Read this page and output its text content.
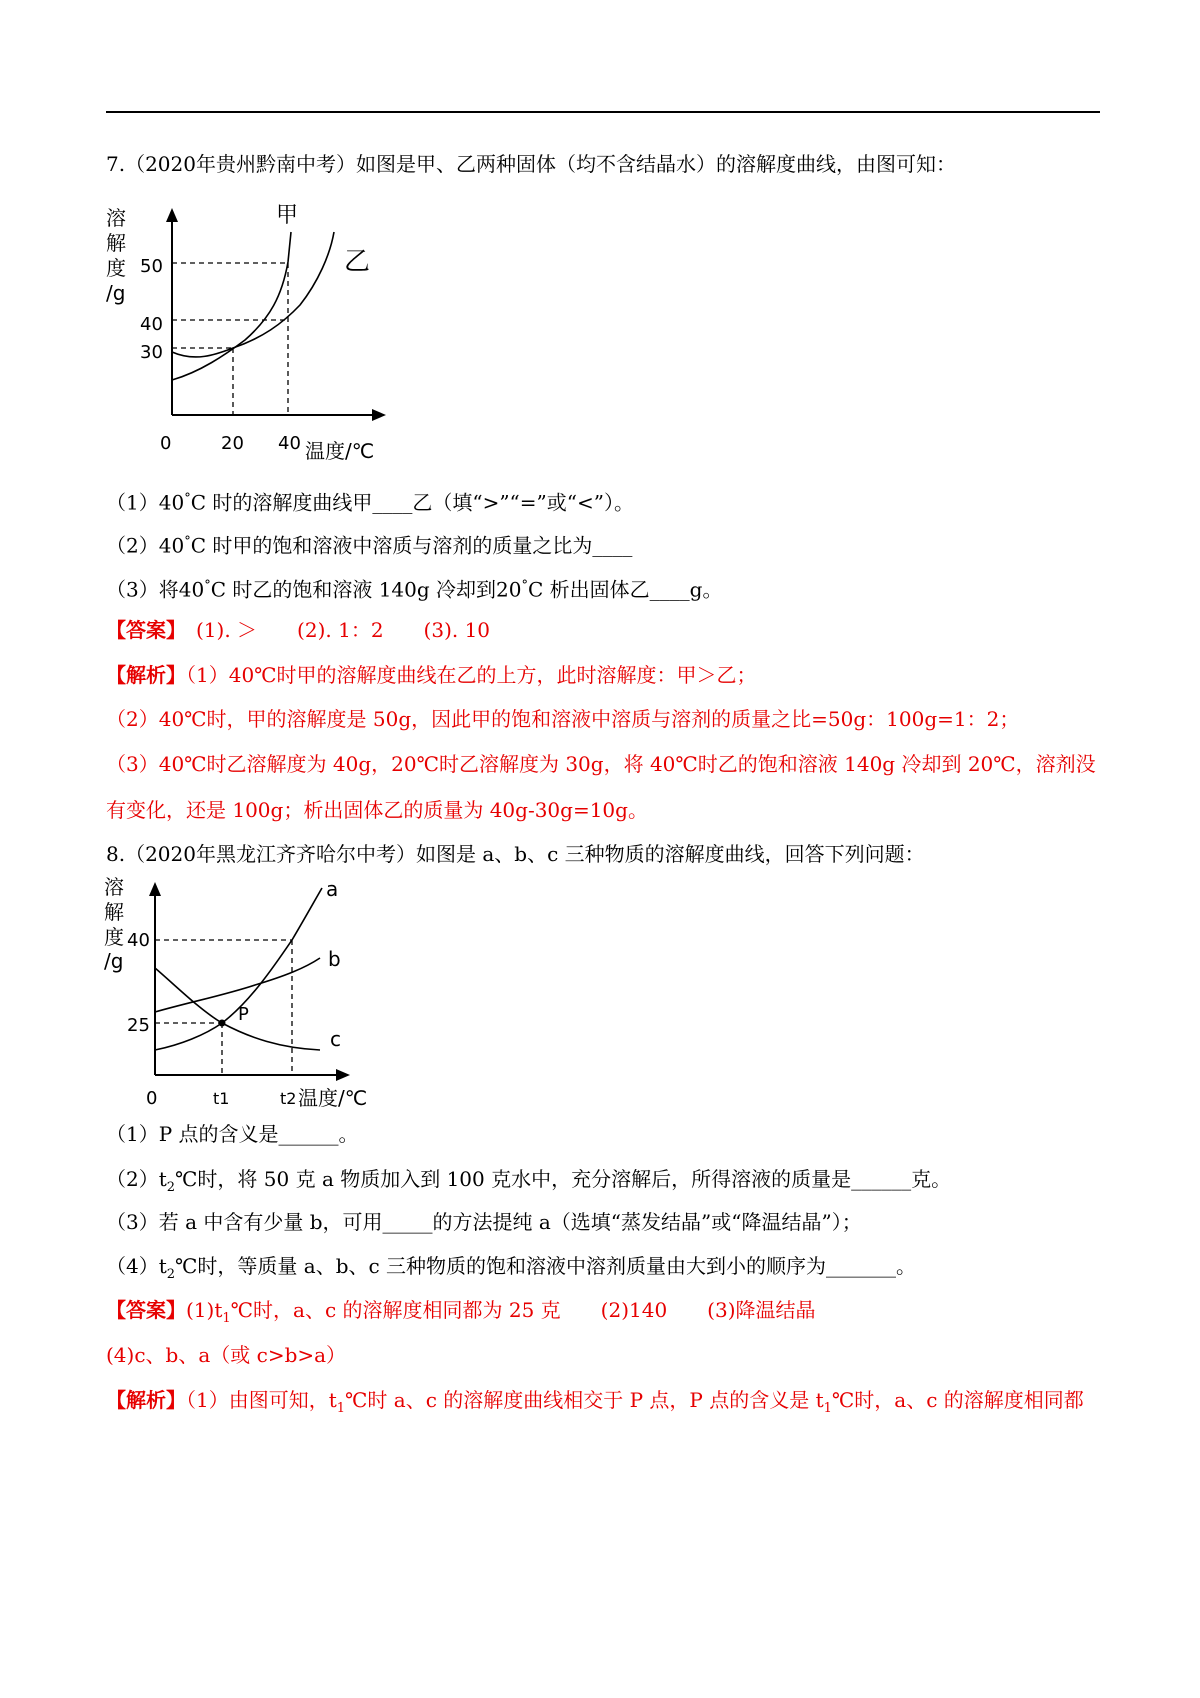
7.（2020年贵州黔南中考）如图是甲、乙两种固体（均不含结晶水）的溶解度曲线，由图可知：
溶
解
度
/g
50
40
30
0	20 40 温度/℃
甲
乙
（1）40°C 时的溶解度曲线甲____乙（填“>”“=”或“<”）。
（2）40°C 时甲的饱和溶液中溶质与溶剂的质量之比为____
（3）将40°C 时乙的饱和溶液 140g 冷却到20°C 析出固体乙____g。
【答案】　(1). ＞　　(2). 1：2　　(3). 10
【解析】（1）40℃时甲的溶解度曲线在乙的上方，此时溶解度：甲＞乙；
（2）40℃时，甲的溶解度是 50g，因此甲的饱和溶液中溶质与溶剂的质量之比=50g：100g=1：2；
（3）40℃时乙溶解度为 40g，20℃时乙溶解度为 30g，将 40℃时乙的饱和溶液 140g 冷却到 20℃，溶剂没
有变化，还是 100g；析出固体乙的质量为 40g-30g=10g。
8.（2020年黑龙江齐齐哈尔中考）如图是 a、b、c 三种物质的溶解度曲线，回答下列问题：
溶
解
度
/g
40
25
0	t1	t2 温度/℃
P
a
b
c
（1）P 点的含义是______。
$(2)t_2℃$时，将 50 克 a 物质加入到 100 克水中，充分溶解后，所得溶液的质量是______克。
（3）若 a 中含有少量 b，可用_____的方法提纯 a（选填“蒸发结晶”或“降温结晶”）；
$(4)t_2℃$时，等质量 a、b、c 三种物质的饱和溶液中溶剂质量由大到小的顺序为_______。
【答案】$(1)t_1℃$时，a、c 的溶解度相同都为 25 克　　(2)140　　(3)降温结晶
(4)c、b、a（或 c>b>a）
【解析】（1）由图可知，$t_1℃$时 a、c 的溶解度曲线相交于 P 点，P 点的含义是 $t_1℃$时，a、c 的溶解度相同都
